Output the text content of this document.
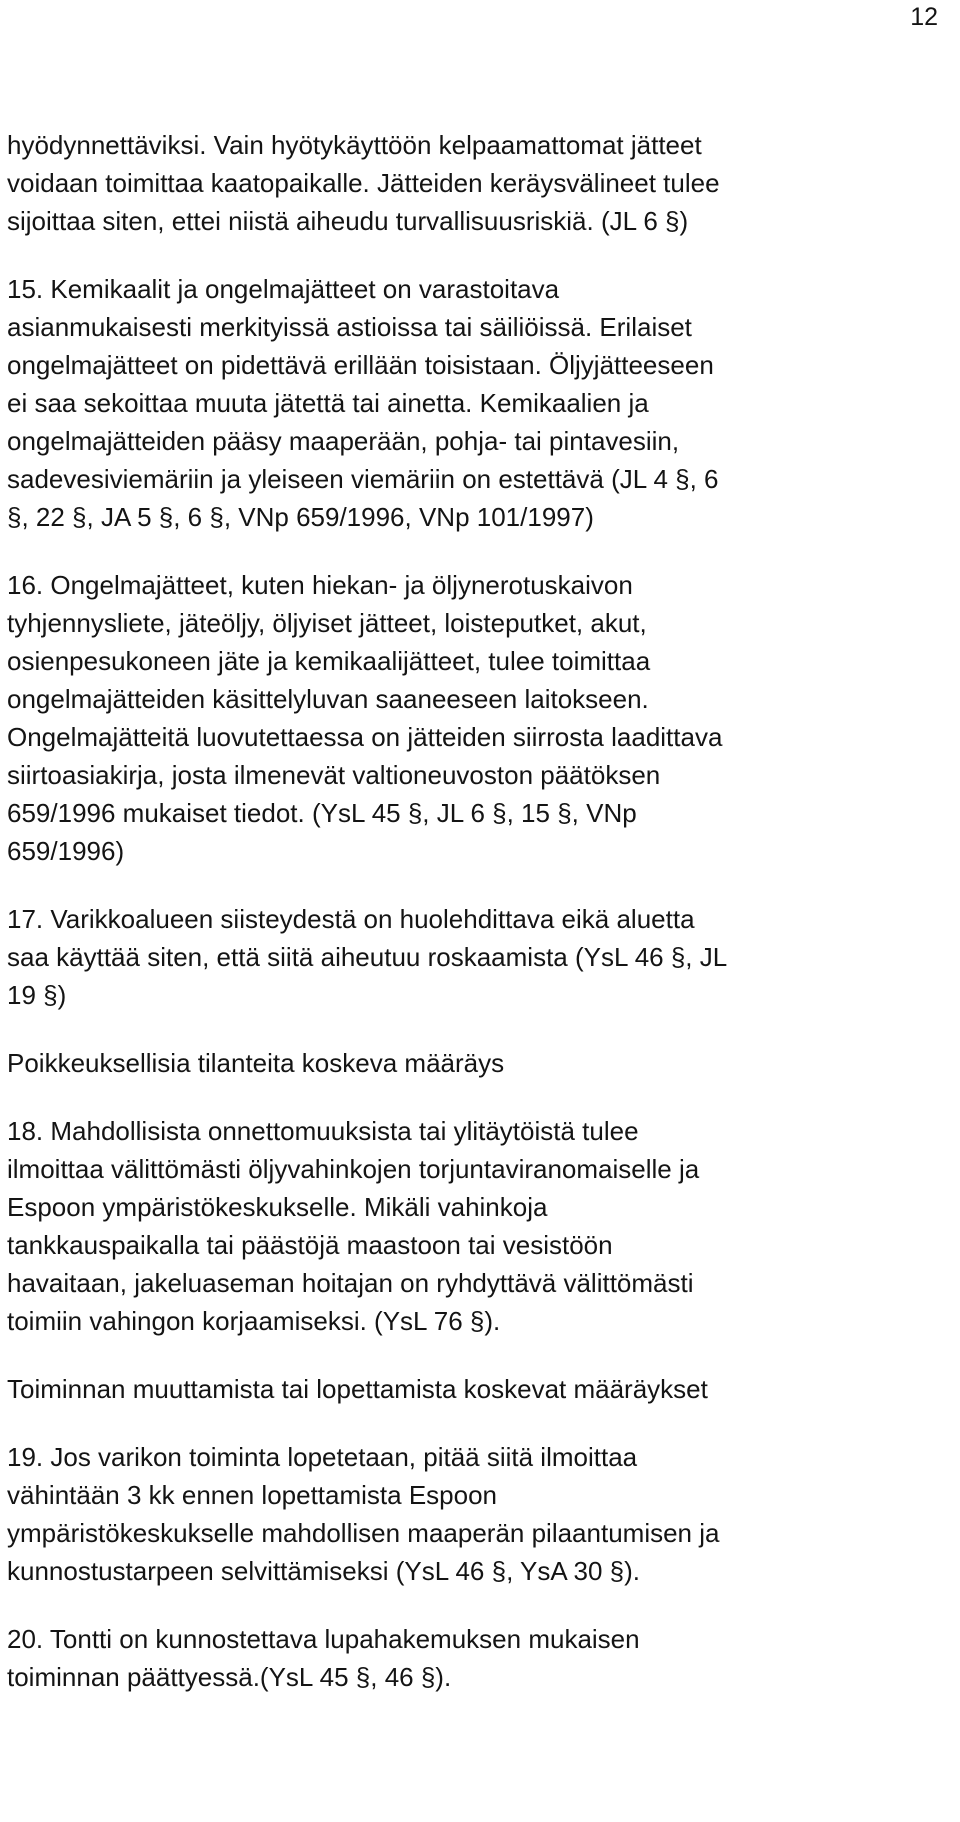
12

hyödynnettäviksi. Vain hyötykäyttöön kelpaamattomat jätteet
voidaan toimittaa kaatopaikalle. Jätteiden keräysvälineet tulee
sijoittaa siten, ettei niistä aiheudu turvallisuusriskiä. (JL 6 §)

15. Kemikaalit ja ongelmajätteet on varastoitava
asianmukaisesti merkityissä astioissa tai säiliöissä. Erilaiset
ongelmajätteet on pidettävä erillään toisistaan. Öljyjätteeseen
ei saa sekoittaa muuta jätettä tai ainetta. Kemikaalien ja
ongelmajätteiden pääsy maaperään, pohja- tai pintavesiin,
sadevesiviemäriin ja yleiseen viemäriin on estettävä (JL 4 §, 6
§, 22 §, JA 5 §, 6 §, VNp 659/1996, VNp 101/1997)

16. Ongelmajätteet, kuten hiekan- ja öljynerotuskaivon
tyhjennysliete, jäteöljy, öljyiset jätteet, loisteputket, akut,
osienpesukoneen jäte ja kemikaalijätteet, tulee toimittaa
ongelmajätteiden käsittelyluvan saaneeseen laitokseen.
Ongelmajätteitä luovutettaessa on jätteiden siirrosta laadittava
siirtoasiakirja, josta ilmenevät valtioneuvoston päätöksen
659/1996 mukaiset tiedot. (YsL 45 §, JL 6 §, 15 §, VNp
659/1996)

17. Varikkoalueen siisteydestä on huolehdittava eikä aluetta
saa käyttää siten, että siitä aiheutuu roskaamista (YsL 46 §, JL
19 §)

Poikkeuksellisia tilanteita koskeva määräys

18. Mahdollisista onnettomuuksista tai ylitäytöistä tulee
ilmoittaa välittömästi öljyvahinkojen torjuntaviranomaiselle ja
Espoon ympäristökeskukselle. Mikäli vahinkoja
tankkauspaikalla tai päästöjä maastoon tai vesistöön
havaitaan, jakeluaseman hoitajan on ryhdyttävä välittömästi
toimiin vahingon korjaamiseksi. (YsL 76 §).

Toiminnan muuttamista tai lopettamista koskevat määräykset

19. Jos varikon toiminta lopetetaan, pitää siitä ilmoittaa
vähintään 3 kk ennen lopettamista Espoon
ympäristökeskukselle mahdollisen maaperän pilaantumisen ja
kunnostustarpeen selvittämiseksi (YsL 46 §, YsA 30 §).

20. Tontti on kunnostettava lupahakemuksen mukaisen
toiminnan päättyessä.(YsL 45 §, 46 §).
